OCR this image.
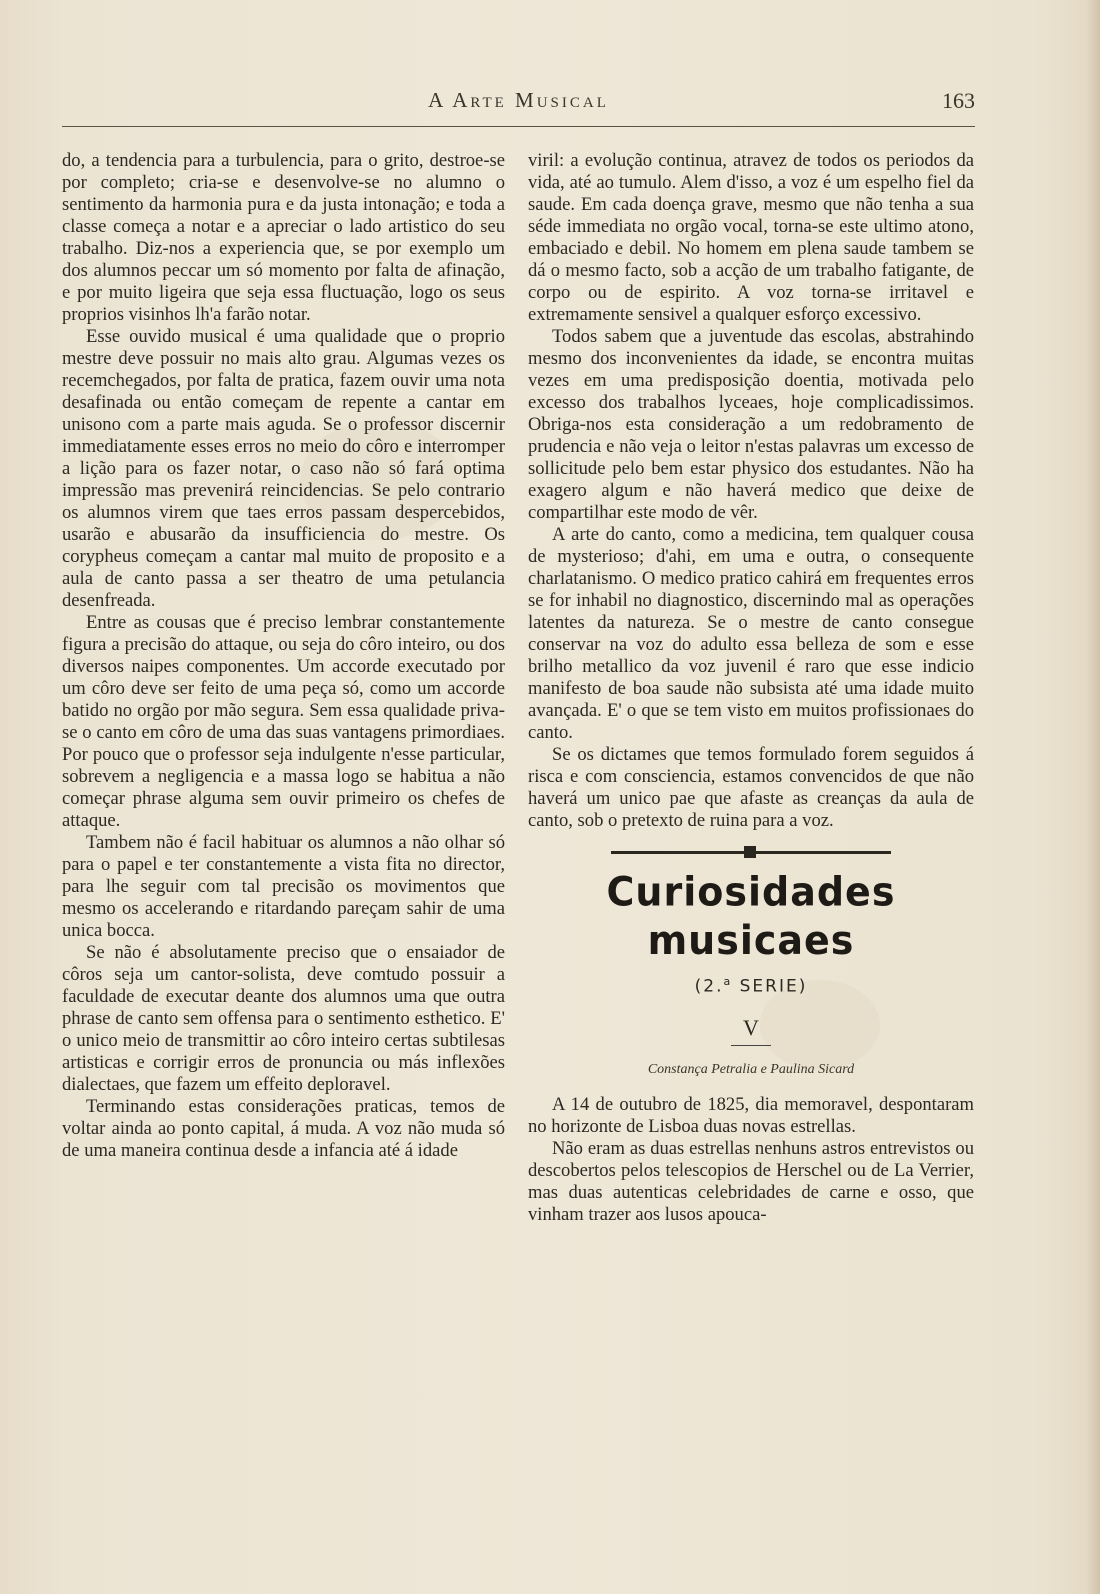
A Arte Musical	163

do, a tendencia para a turbulencia, para o grito, destroe-se por completo; cria-se e desenvolve-se no alumno o sentimento da harmonia pura e da justa intonação; e toda a classe começa a notar e a apreciar o lado artistico do seu trabalho. Diz-nos a experiencia que, se por exemplo um dos alumnos peccar um só momento por falta de afinação, e por muito ligeira que seja essa fluctuação, logo os seus proprios visinhos lh'a farão notar.

Esse ouvido musical é uma qualidade que o proprio mestre deve possuir no mais alto grau. Algumas vezes os recemchegados, por falta de pratica, fazem ouvir uma nota desafinada ou então começam de repente a cantar em unisono com a parte mais aguda. Se o professor discernir immediatamente esses erros no meio do côro e interromper a lição para os fazer notar, o caso não só fará optima impressão mas prevenirá reincidencias. Se pelo contrario os alumnos virem que taes erros passam despercebidos, usarão e abusarão da insufficiencia do mestre. Os corypheus começam a cantar mal muito de proposito e a aula de canto passa a ser theatro de uma petulancia desenfreada.

Entre as cousas que é preciso lembrar constantemente figura a precisão do attaque, ou seja do côro inteiro, ou dos diversos naipes componentes. Um accorde executado por um côro deve ser feito de uma peça só, como um accorde batido no orgão por mão segura. Sem essa qualidade priva-se o canto em côro de uma das suas vantagens primordiaes. Por pouco que o professor seja indulgente n'esse particular, sobrevem a negligencia e a massa logo se habitua a não começar phrase alguma sem ouvir primeiro os chefes de attaque.

Tambem não é facil habituar os alumnos a não olhar só para o papel e ter constantemente a vista fita no director, para lhe seguir com tal precisão os movimentos que mesmo os accelerando e ritardando pareçam sahir de uma unica bocca.

Se não é absolutamente preciso que o ensaiador de côros seja um cantor-solista, deve comtudo possuir a faculdade de executar deante dos alumnos uma que outra phrase de canto sem offensa para o sentimento esthetico. E' o unico meio de transmittir ao côro inteiro certas subtilesas artisticas e corrigir erros de pronuncia ou más inflexões dialectaes, que fazem um effeito deploravel.

Terminando estas considerações praticas, temos de voltar ainda ao ponto capital, á muda. A voz não muda só de uma maneira continua desde a infancia até á idade

viril: a evolução continua, atravez de todos os periodos da vida, até ao tumulo. Alem d'isso, a voz é um espelho fiel da saude. Em cada doença grave, mesmo que não tenha a sua séde immediata no orgão vocal, torna-se este ultimo atono, embaciado e debil. No homem em plena saude tambem se dá o mesmo facto, sob a acção de um trabalho fatigante, de corpo ou de espirito. A voz torna-se irritavel e extremamente sensivel a qualquer esforço excessivo.

Todos sabem que a juventude das escolas, abstrahindo mesmo dos inconvenientes da idade, se encontra muitas vezes em uma predisposição doentia, motivada pelo excesso dos trabalhos lyceaes, hoje complicadissimos. Obriga-nos esta consideração a um redobramento de prudencia e não veja o leitor n'estas palavras um excesso de sollicitude pelo bem estar physico dos estudantes. Não ha exagero algum e não haverá medico que deixe de compartilhar este modo de vêr.

A arte do canto, como a medicina, tem qualquer cousa de mysterioso; d'ahi, em uma e outra, o consequente charlatanismo. O medico pratico cahirá em frequentes erros se for inhabil no diagnostico, discernindo mal as operações latentes da natureza. Se o mestre de canto consegue conservar na voz do adulto essa belleza de som e esse brilho metallico da voz juvenil é raro que esse indicio manifesto de boa saude não subsista até uma idade muito avançada. E' o que se tem visto em muitos profissionaes do canto.

Se os dictames que temos formulado forem seguidos á risca e com consciencia, estamos convencidos de que não haverá um unico pae que afaste as creanças da aula de canto, sob o pretexto de ruina para a voz.

Curiosidades musicaes
(2.$^a$ SERIE)
V
Constança Petralia e Paulina Sicard

A 14 de outubro de 1825, dia memoravel, despontaram no horizonte de Lisboa duas novas estrellas.

Não eram as duas estrellas nenhuns astros entrevistos ou descobertos pelos telescopios de Herschel ou de La Verrier, mas duas autenticas celebridades de carne e osso, que vinham trazer aos lusos apouca-
